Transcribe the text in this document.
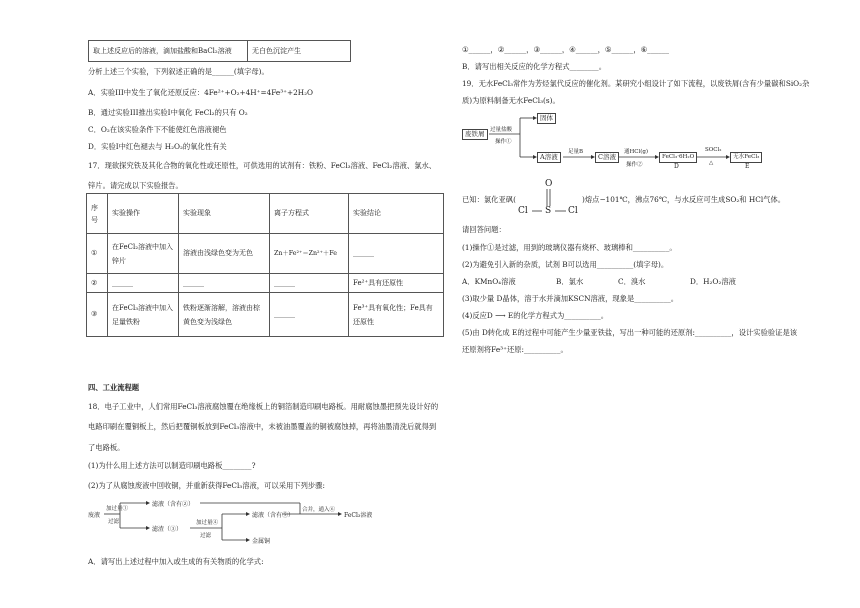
取上述反应后的溶液，滴加盐酸和BaCl₂溶液	无白色沉淀产生
分析上述三个实验，下列叙述正确的是______(填字母)。
A．实验III中发生了氧化还原反应：4Fe²⁺+O₂+4H⁺=4Fe³⁺+2H₂O
B．通过实验III推出实验I中氧化 FeCl₂的只有 O₂
C．O₂在该实验条件下不能使红色溶液褪色
D．实验I中红色褪去与 H₂O₂的氧化性有关
17．现欲探究铁及其化合物的氧化性或还原性，可供选用的试剂有：铁粉、FeCl₃溶液、FeCl₂溶液、氯水、
锌片。请完成以下实验报告。
序号	实验操作	实验现象	离子方程式	实验结论
①	在FeCl₂溶液中加入锌片	溶液由浅绿色变为无色	Zn＋Fe²⁺＝Zn²⁺＋Fe	______
②	______	______	______	Fe²⁺具有还原性
③	在FeCl₃溶液中加入足量铁粉	铁粉逐渐溶解，溶液由棕黄色变为浅绿色	______	Fe³⁺具有氧化性；Fe具有还原性
四、工业流程题
18．电子工业中，人们常用FeCl₃溶液腐蚀覆在绝缘板上的铜箔制造印刷电路板。用耐腐蚀墨把预先设计好的
电路印刷在覆铜板上，然后把覆铜板放到FeCl₃溶液中，未被油墨覆盖的铜被腐蚀掉，再将油墨清洗后就得到
了电路板。
(1)为什么用上述方法可以制造印刷电路板________?
(2)为了从腐蚀废液中回收铜，并重新获得FeCl₃溶液，可以采用下列步骤:
废液
加过量①
过滤
滤液（含有②）
滤渣（③）
加过量④
过滤
滤液（含有⑤）
金属铜
合并，通入⑥
FeCl₃溶液
A．请写出上述过程中加入或生成的有关物质的化学式:
①______，②______，③______，④______，⑤______，⑥______
B．请写出相关反应的化学方程式________。
19．无水FeCl₃常作为芳烃氯代反应的催化剂。某研究小组设计了如下流程，以废铁屑(含有少量碳和SiO₂杂
质)为原料制备无水FeCl₃(s)。
废铁屑	过量盐酸
操作①
固体
A溶液
足量B
C溶液
通HCl(g)
操作②
FeCl₃·6H₂O
D
SOCl₂
△
无水FeCl₃
E
O
S
Cl	Cl
已知：氯化亚砜(	)熔点−101℃，沸点76℃，与水反应可生成SO₂和 HCl气体。
请回答问题：
(1)操作①是过滤，用到的玻璃仪器有烧杯、玻璃棒和__________。
(2)为避免引入新的杂质，试剂 B可以选用__________(填字母)。
A．KMnO₄溶液	B．氯水	C．溴水	D．H₂O₂溶液
(3)取少量 D晶体，溶于水并滴加KSCN溶液，现象是__________。
(4)反应D ⟶ E的化学方程式为__________。
(5)由 D转化成 E的过程中可能产生少量亚铁盐，写出一种可能的还原剂:__________，设计实验验证是该
还原剂将Fe³⁺还原:__________。
